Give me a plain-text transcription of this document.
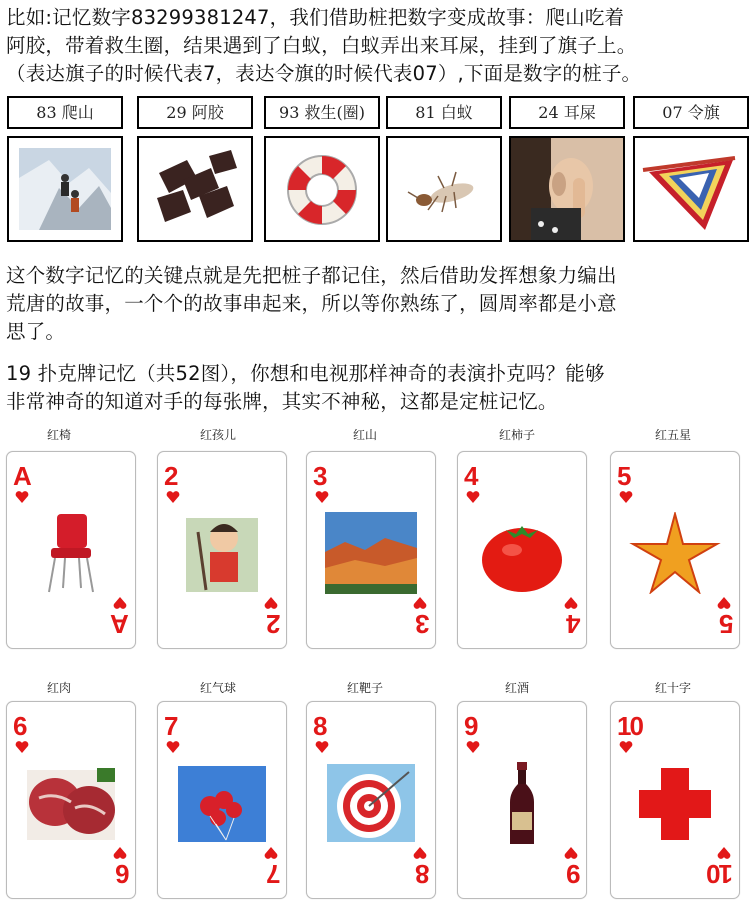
比如:记忆数字83299381247，我们借助桩把数字变成故事：爬山吃着

阿胶，带着救生圈，结果遇到了白蚁，白蚁弄出来耳屎，挂到了旗子上。

（表达旗子的时候代表7，表达令旗的时候代表07）,下面是数字的桩子。

83 爬山	29 阿胶	93 救生(圈)	81 白蚁	24 耳屎	07 令旗

这个数字记忆的关键点就是先把桩子都记住，然后借助发挥想象力编出

荒唐的故事，一个个的故事串起来，所以等你熟练了，圆周率都是小意

思了。

19 扑克牌记忆（共52图），你想和电视那样神奇的表演扑克吗？能够

非常神奇的知道对手的每张牌，其实不神秘，这都是定桩记忆。

红椅	红孩儿	红山	红柿子	红五星
红肉	红气球	红靶子	红酒	红十字
A
A
2
2
3
3
4
4
5
5
6
6
7
7
8
8
9
9
10
10
